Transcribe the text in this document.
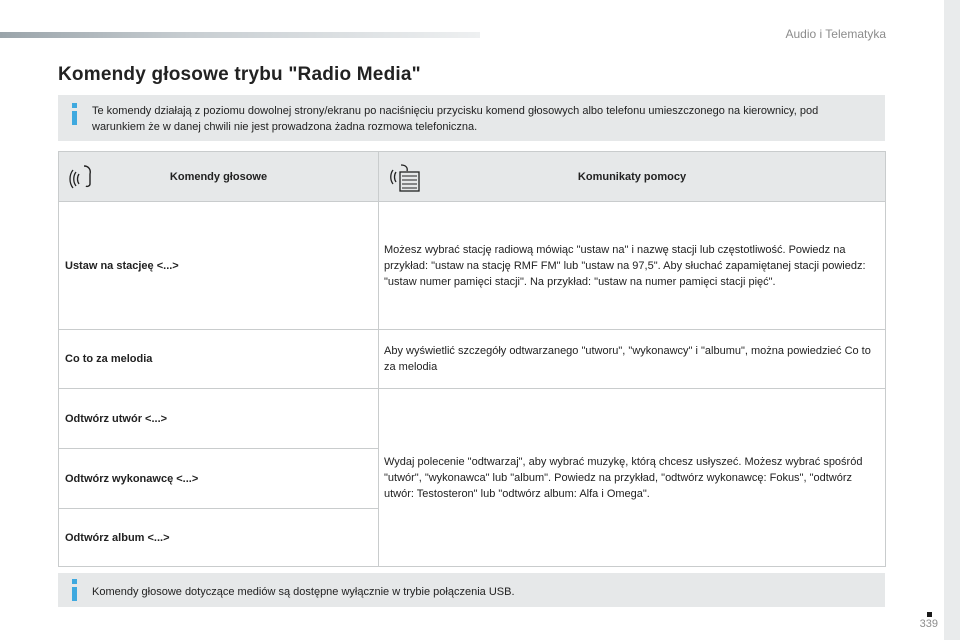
Audio i Telematyka
Komendy głosowe trybu "Radio Media"
Te komendy działają z poziomu dowolnej strony/ekranu po naciśnięciu przycisku komend głosowych albo telefonu umieszczonego na kierownicy, pod warunkiem że w danej chwili nie jest prowadzona żadna rozmowa telefoniczna.
Komendy głosowe	Komunikaty pomocy
Ustaw na stacjeę <...>	Możesz wybrać stację radiową mówiąc "ustaw na" i nazwę stacji lub częstotliwość. Powiedz na przykład: "ustaw na stację RMF FM" lub "ustaw na 97,5". Aby słuchać zapamiętanej stacji powiedz: "ustaw numer pamięci stacji". Na przykład: "ustaw na numer pamięci stacji pięć".
Co to za melodia	Aby wyświetlić szczegóły odtwarzanego "utworu", "wykonawcy" i "albumu", można powiedzieć Co to za melodia
Odtwórz utwór <...>	Wydaj polecenie "odtwarzaj", aby wybrać muzykę, którą chcesz usłyszeć. Możesz wybrać spośród "utwór", "wykonawca" lub "album". Powiedz na przykład, "odtwórz wykonawcę: Fokus", "odtwórz utwór: Testosteron" lub "odtwórz album: Alfa i Omega".
Odtwórz wykonawcę <...>	
Odtwórz album <...>	
Komendy głosowe dotyczące mediów są dostępne wyłącznie w trybie połączenia USB.
339
